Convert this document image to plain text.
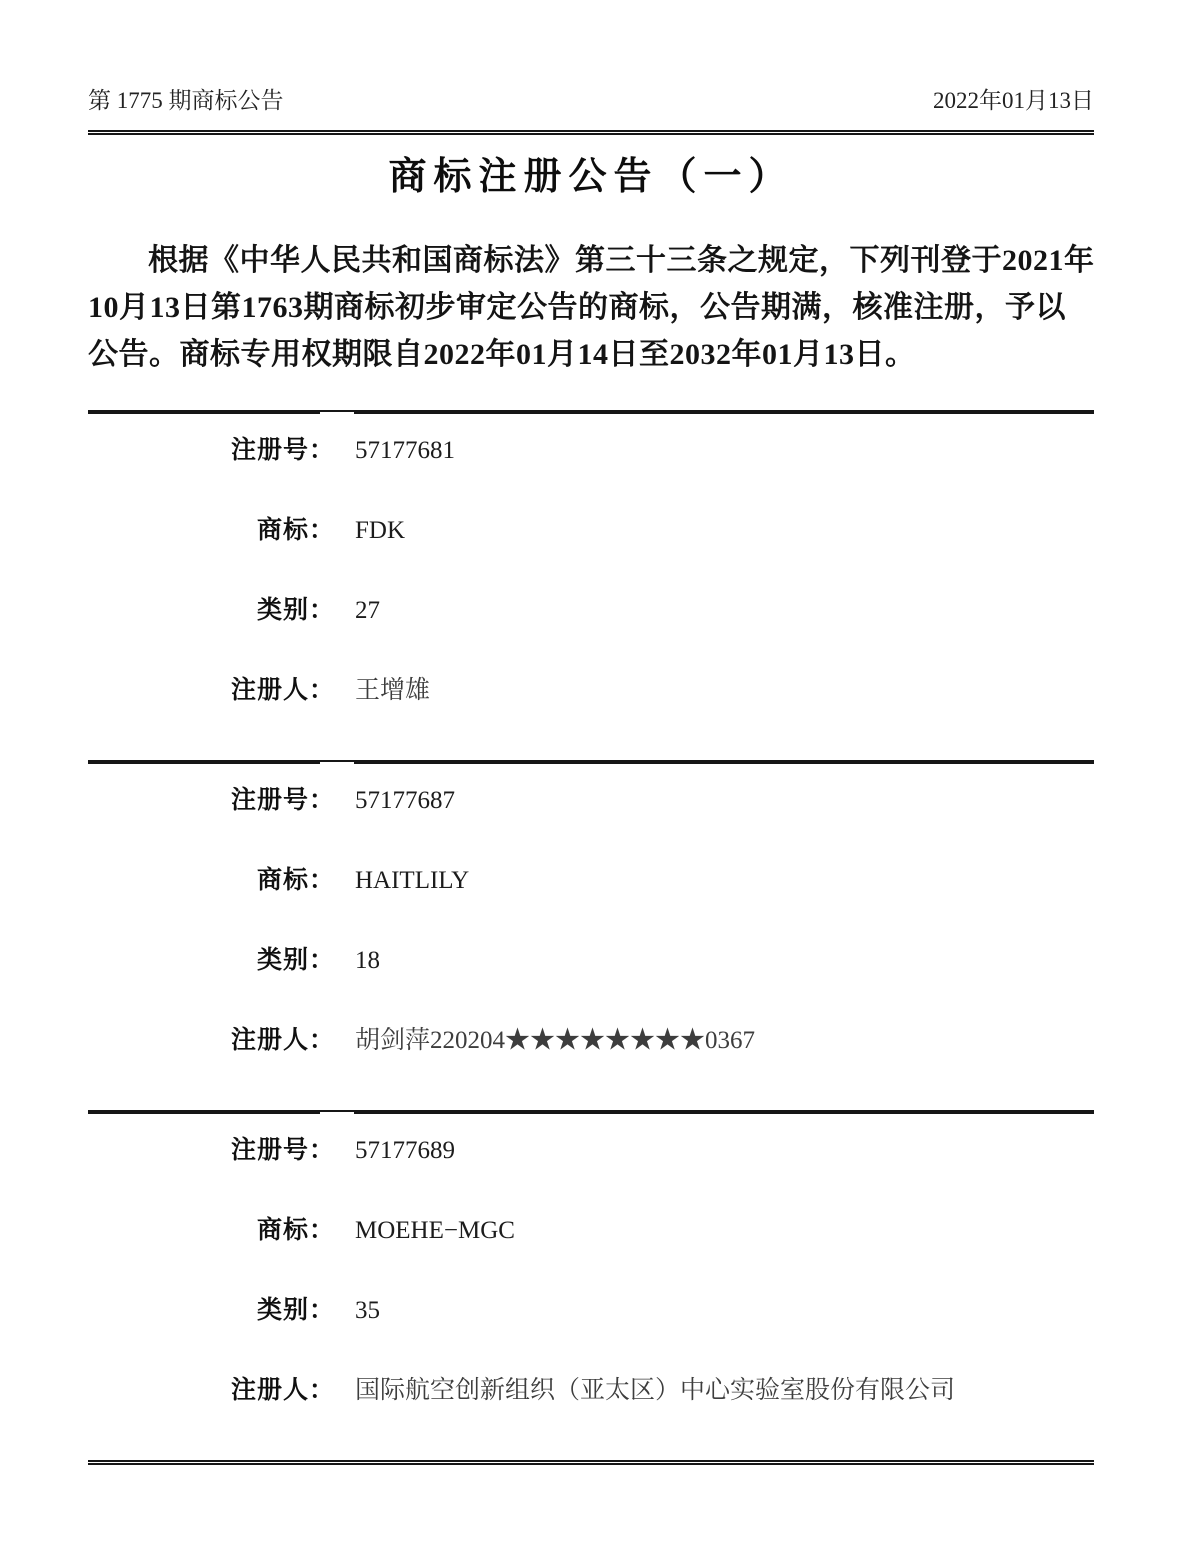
第 1775 期商标公告	2022年01月13日
商标注册公告（一）
根据《中华人民共和国商标法》第三十三条之规定，下列刊登于2021年
10月13日第1763期商标初步审定公告的商标，公告期满，核准注册，予以
公告。商标专用权期限自2022年01月14日至2032年01月13日。
注册号： 57177681
商标： FDK
类别： 27
注册人： 王增雄
注册号： 57177687
商标： HAITLILY
类别： 18
注册人： 胡剑萍220204★★★★★★★★0367
注册号： 57177689
商标： MOEHE−MGC
类别： 35
注册人： 国际航空创新组织（亚太区）中心实验室股份有限公司
